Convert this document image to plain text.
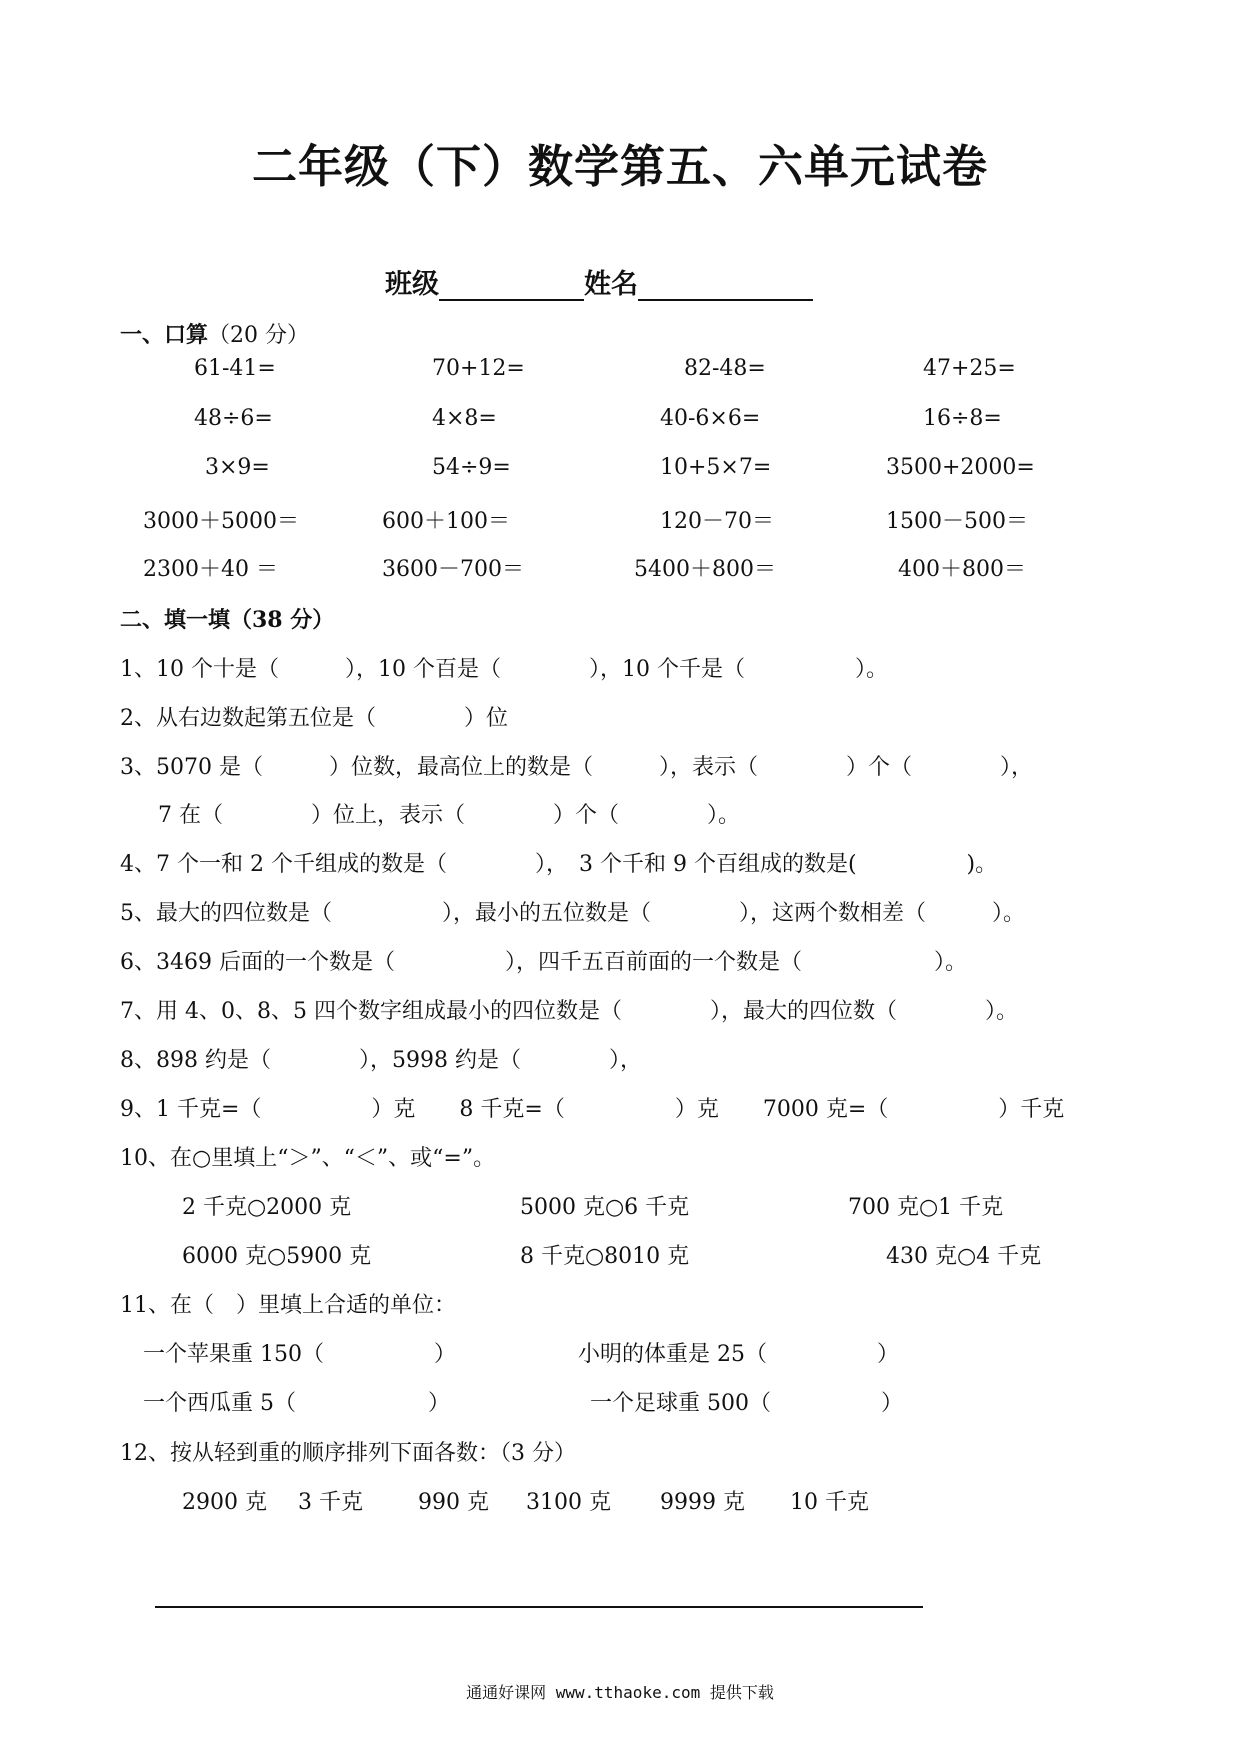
二年级（下）数学第五、六单元试卷
班级	姓名
一、口算（20 分）
61-41=	70+12=	82-48=	47+25=
48÷6=	4×8=	40-6×6=	16÷8=
3×9=	54÷9=	10+5×7=	3500+2000=
3000＋5000＝	600＋100＝	120－70＝	1500－500＝
2300＋40 ＝	3600－700＝	5400＋800＝	400＋800＝
二、填一填（38 分）
1、10 个十是（　　　），10 个百是（　　　　），10 个千是（　　　　　）。
2、从右边数起第五位是（　　　　）位
3、5070 是（　　　）位数，最高位上的数是（　　　），表示（　　　　）个（　　　　），
7 在（　　　　）位上，表示（　　　　）个（　　　　）。
4、7 个一和 2 个千组成的数是（　　　　），　3 个千和 9 个百组成的数是(　　　　　)。
5、最大的四位数是（　　　　　），最小的五位数是（　　　　），这两个数相差（　　　）。
6、3469 后面的一个数是（　　　　　），四千五百前面的一个数是（　　　　　　）。
7、用 4、0、8、5 四个数字组成最小的四位数是（　　　　），最大的四位数（　　　　）。
8、898 约是（　　　　），5998 约是（　　　　），
9、1 千克=（　　　　　）克　　8 千克=（　　　　　）克　　7000 克=（　　　　　）千克
10、在○里填上“＞”、“＜”、或“=”。
2 千克○2000 克	5000 克○6 千克	700 克○1 千克
6000 克○5900 克	8 千克○8010 克	430 克○4 千克
11、在（　）里填上合适的单位：
一个苹果重 150（　　　　　）	小明的体重是 25（　　　　　）
一个西瓜重 5（　　　　　　）	一个足球重 500（　　　　　）
12、按从轻到重的顺序排列下面各数：（3 分）
2900 克 3 千克	990 克 3100 克 9999 克 10 千克
通通好课网 www.tthaoke.com 提供下载
